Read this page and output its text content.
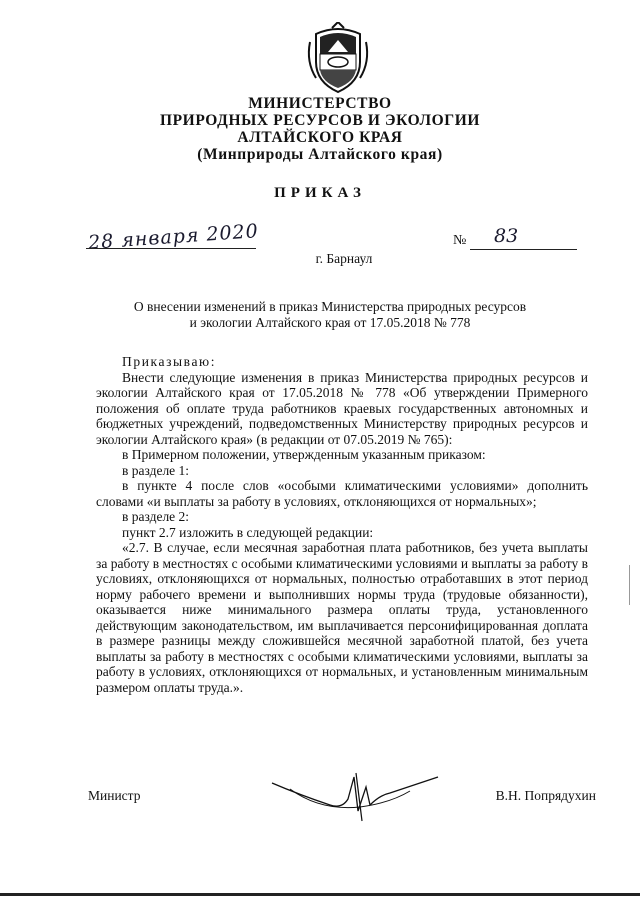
МИНИСТЕРСТВО
ПРИРОДНЫХ РЕСУРСОВ И ЭКОЛОГИИ
АЛТАЙСКОГО КРАЯ
(Минприроды Алтайского края)
ПРИКАЗ
28 января 2020	№ 83
г. Барнаул
О внесении изменений в приказ Министерства природных ресурсов
и экологии Алтайского края от 17.05.2018 № 778

Приказываю:

Внести следующие изменения в приказ Министерства природных ресурсов и экологии Алтайского края от 17.05.2018 № 778 «Об утверждении Примерного положения об оплате труда работников краевых государственных автономных и бюджетных учреждений, подведомственных Министерству природных ресурсов и экологии Алтайского края» (в редакции от 07.05.2019 № 765):

в Примерном положении, утвержденным указанным приказом:

в разделе 1:

в пункте 4 после слов «особыми климатическими условиями» дополнить словами «и выплаты за работу в условиях, отклоняющихся от нормальных»;

в разделе 2:

пункт 2.7 изложить в следующей редакции:

«2.7. В случае, если месячная заработная плата работников, без учета выплаты за работу в местностях с особыми климатическими условиями и выплаты за работу в условиях, отклоняющихся от нормальных, полностью отработавших в этот период норму рабочего времени и выполнивших нормы труда (трудовые обязанности), оказывается ниже минимального размера оплаты труда, установленного действующим законодательством, им выплачивается персонифицированная доплата в размере разницы между сложившейся месячной заработной платой, без учета выплаты за работу в местностях с особыми климатическими условиями, выплаты за работу в условиях, отклоняющихся от нормальных, и установленным минимальным размером оплаты труда.».

Министр	В.Н. Попрядухин
